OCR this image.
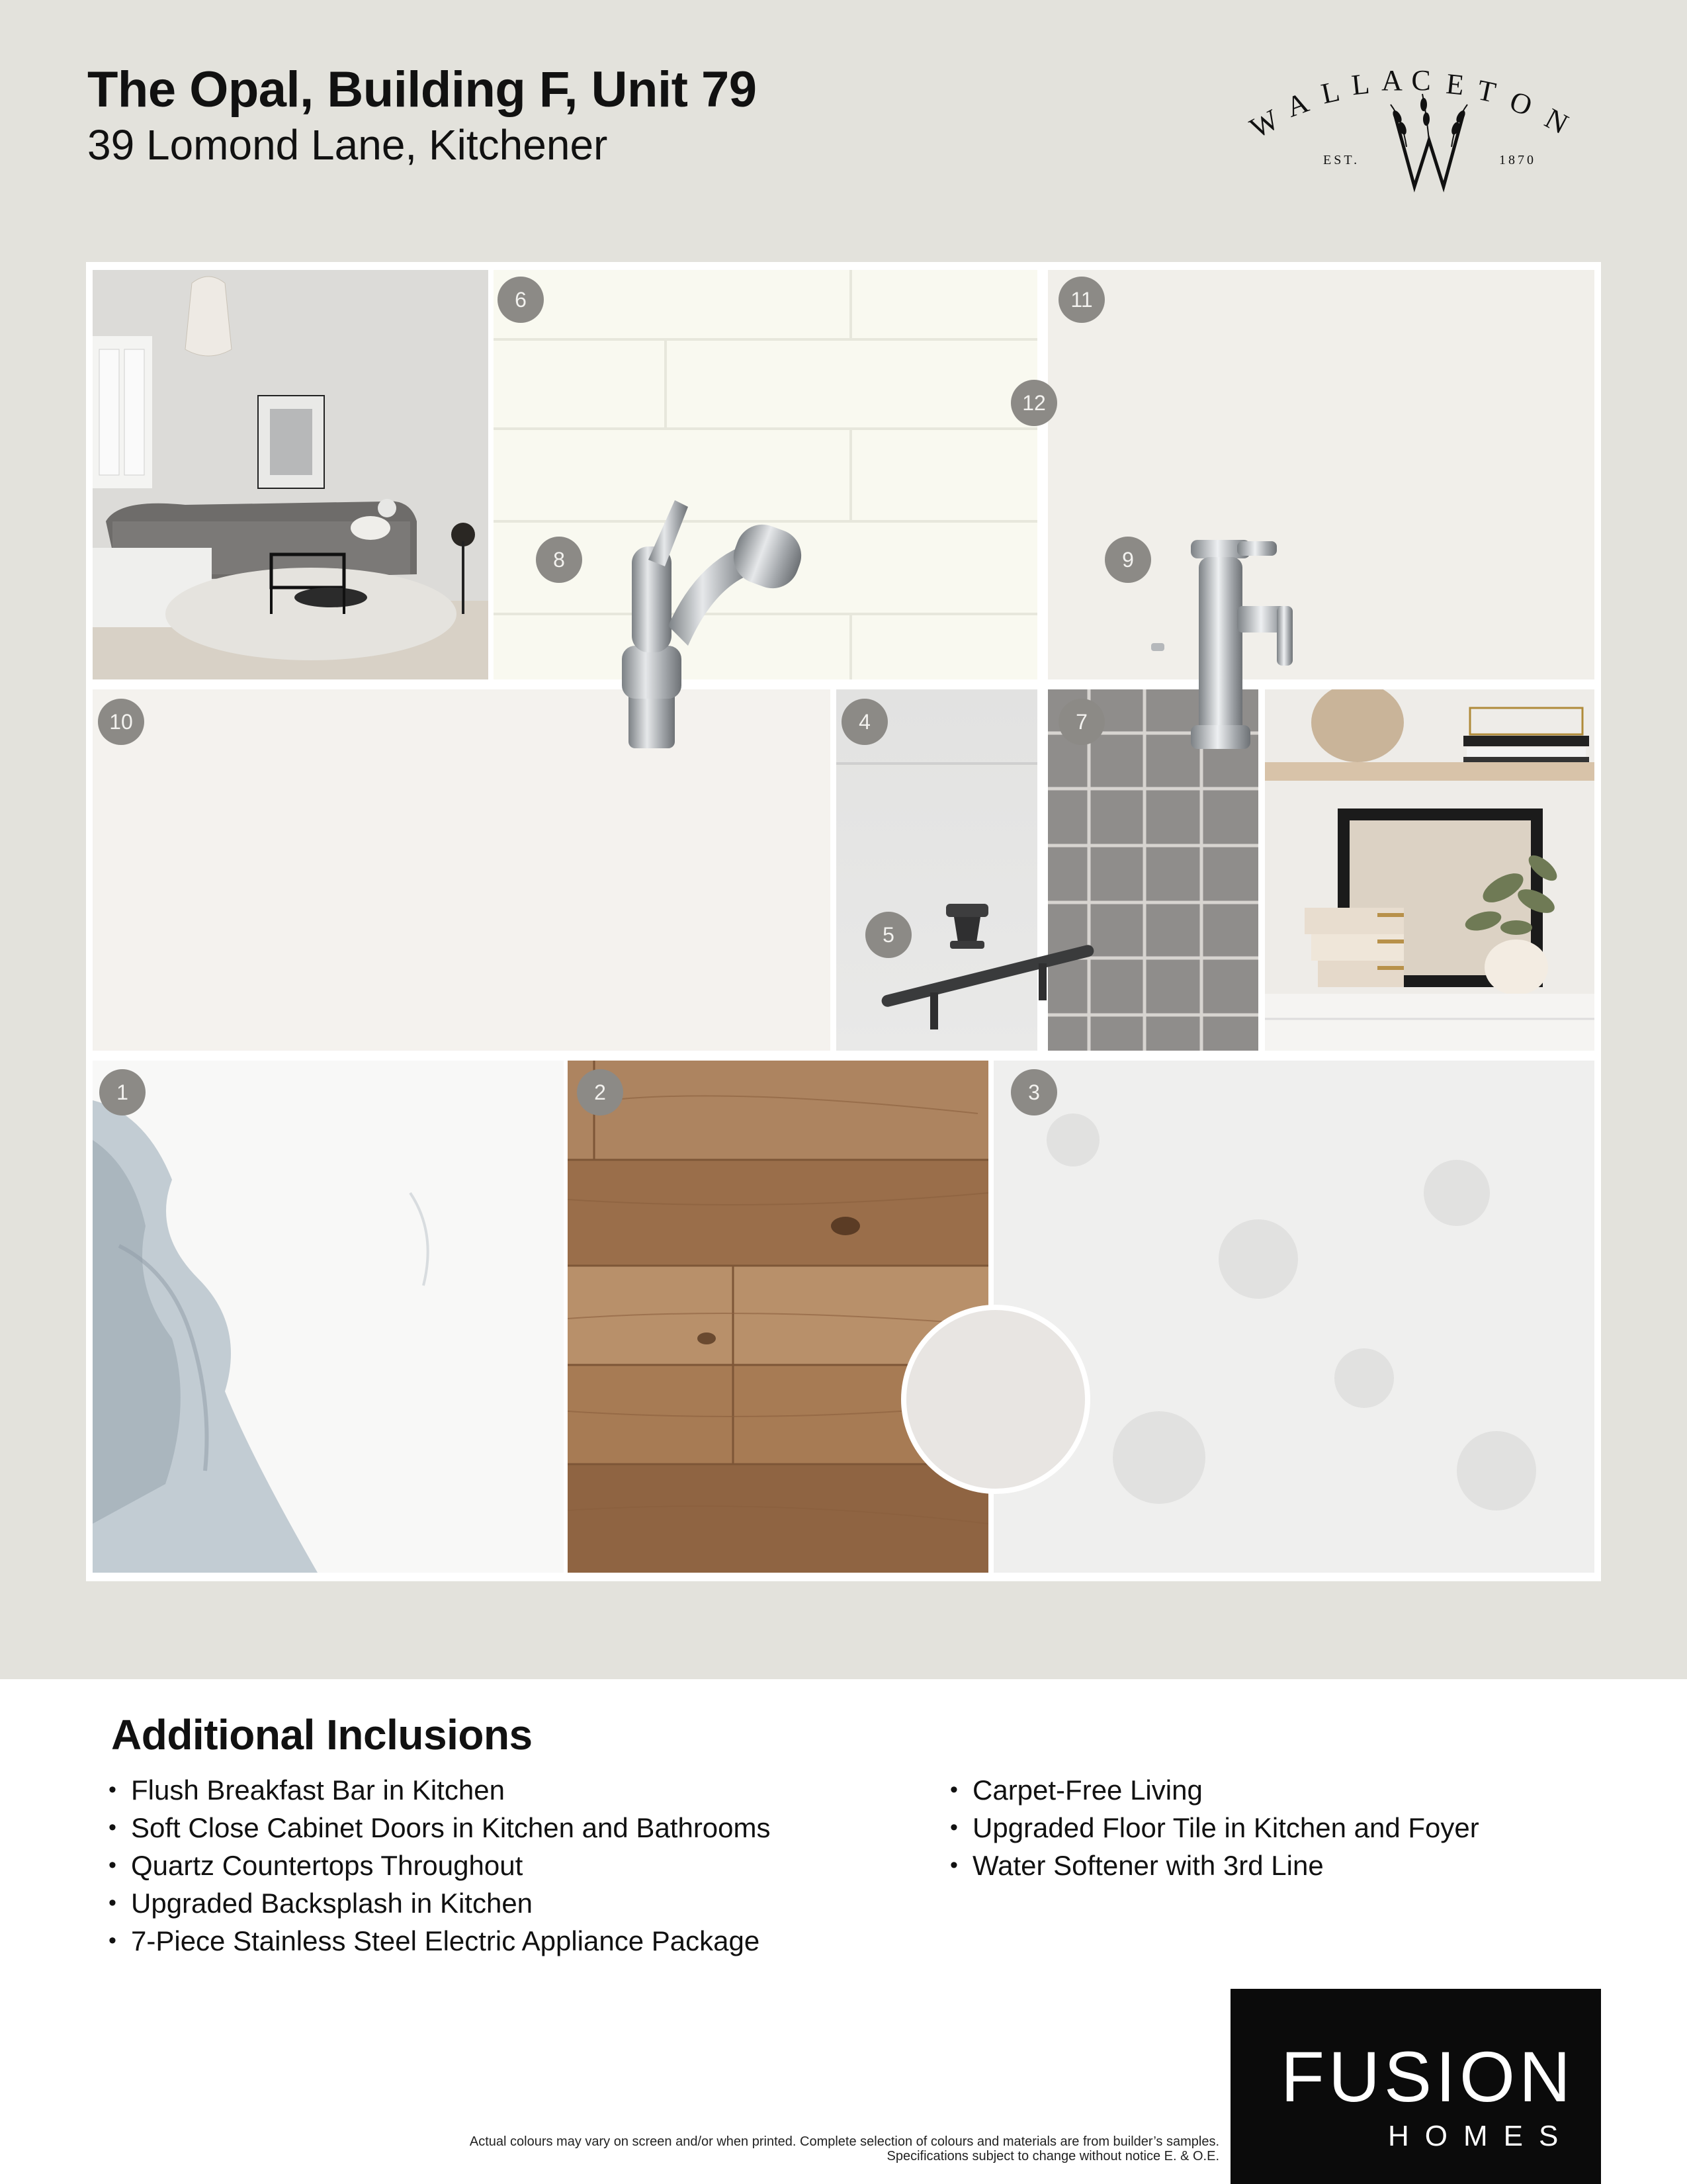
The Opal, Building F, Unit 79
39 Lomond Lane, Kitchener	W
A L L A C E T O N
EST.	1870
6	11
8	9
10	4	7
5
1	2	3
12
Additional Inclusions
• Flush Breakfast Bar in Kitchen
• Soft Close Cabinet Doors in Kitchen and Bathrooms
• Quartz Countertops Throughout
• Upgraded Backsplash in Kitchen
• 7-Piece Stainless Steel Electric Appliance Package
• Carpet-Free Living
• Upgraded Floor Tile in Kitchen and Foyer
• Water Softener with 3rd Line
Actual colours may vary on screen and/or when printed. Complete selection of colours and materials are from builder’s samples.
Specifications subject to change without notice E. & O.E.
FUSION
HOMES
